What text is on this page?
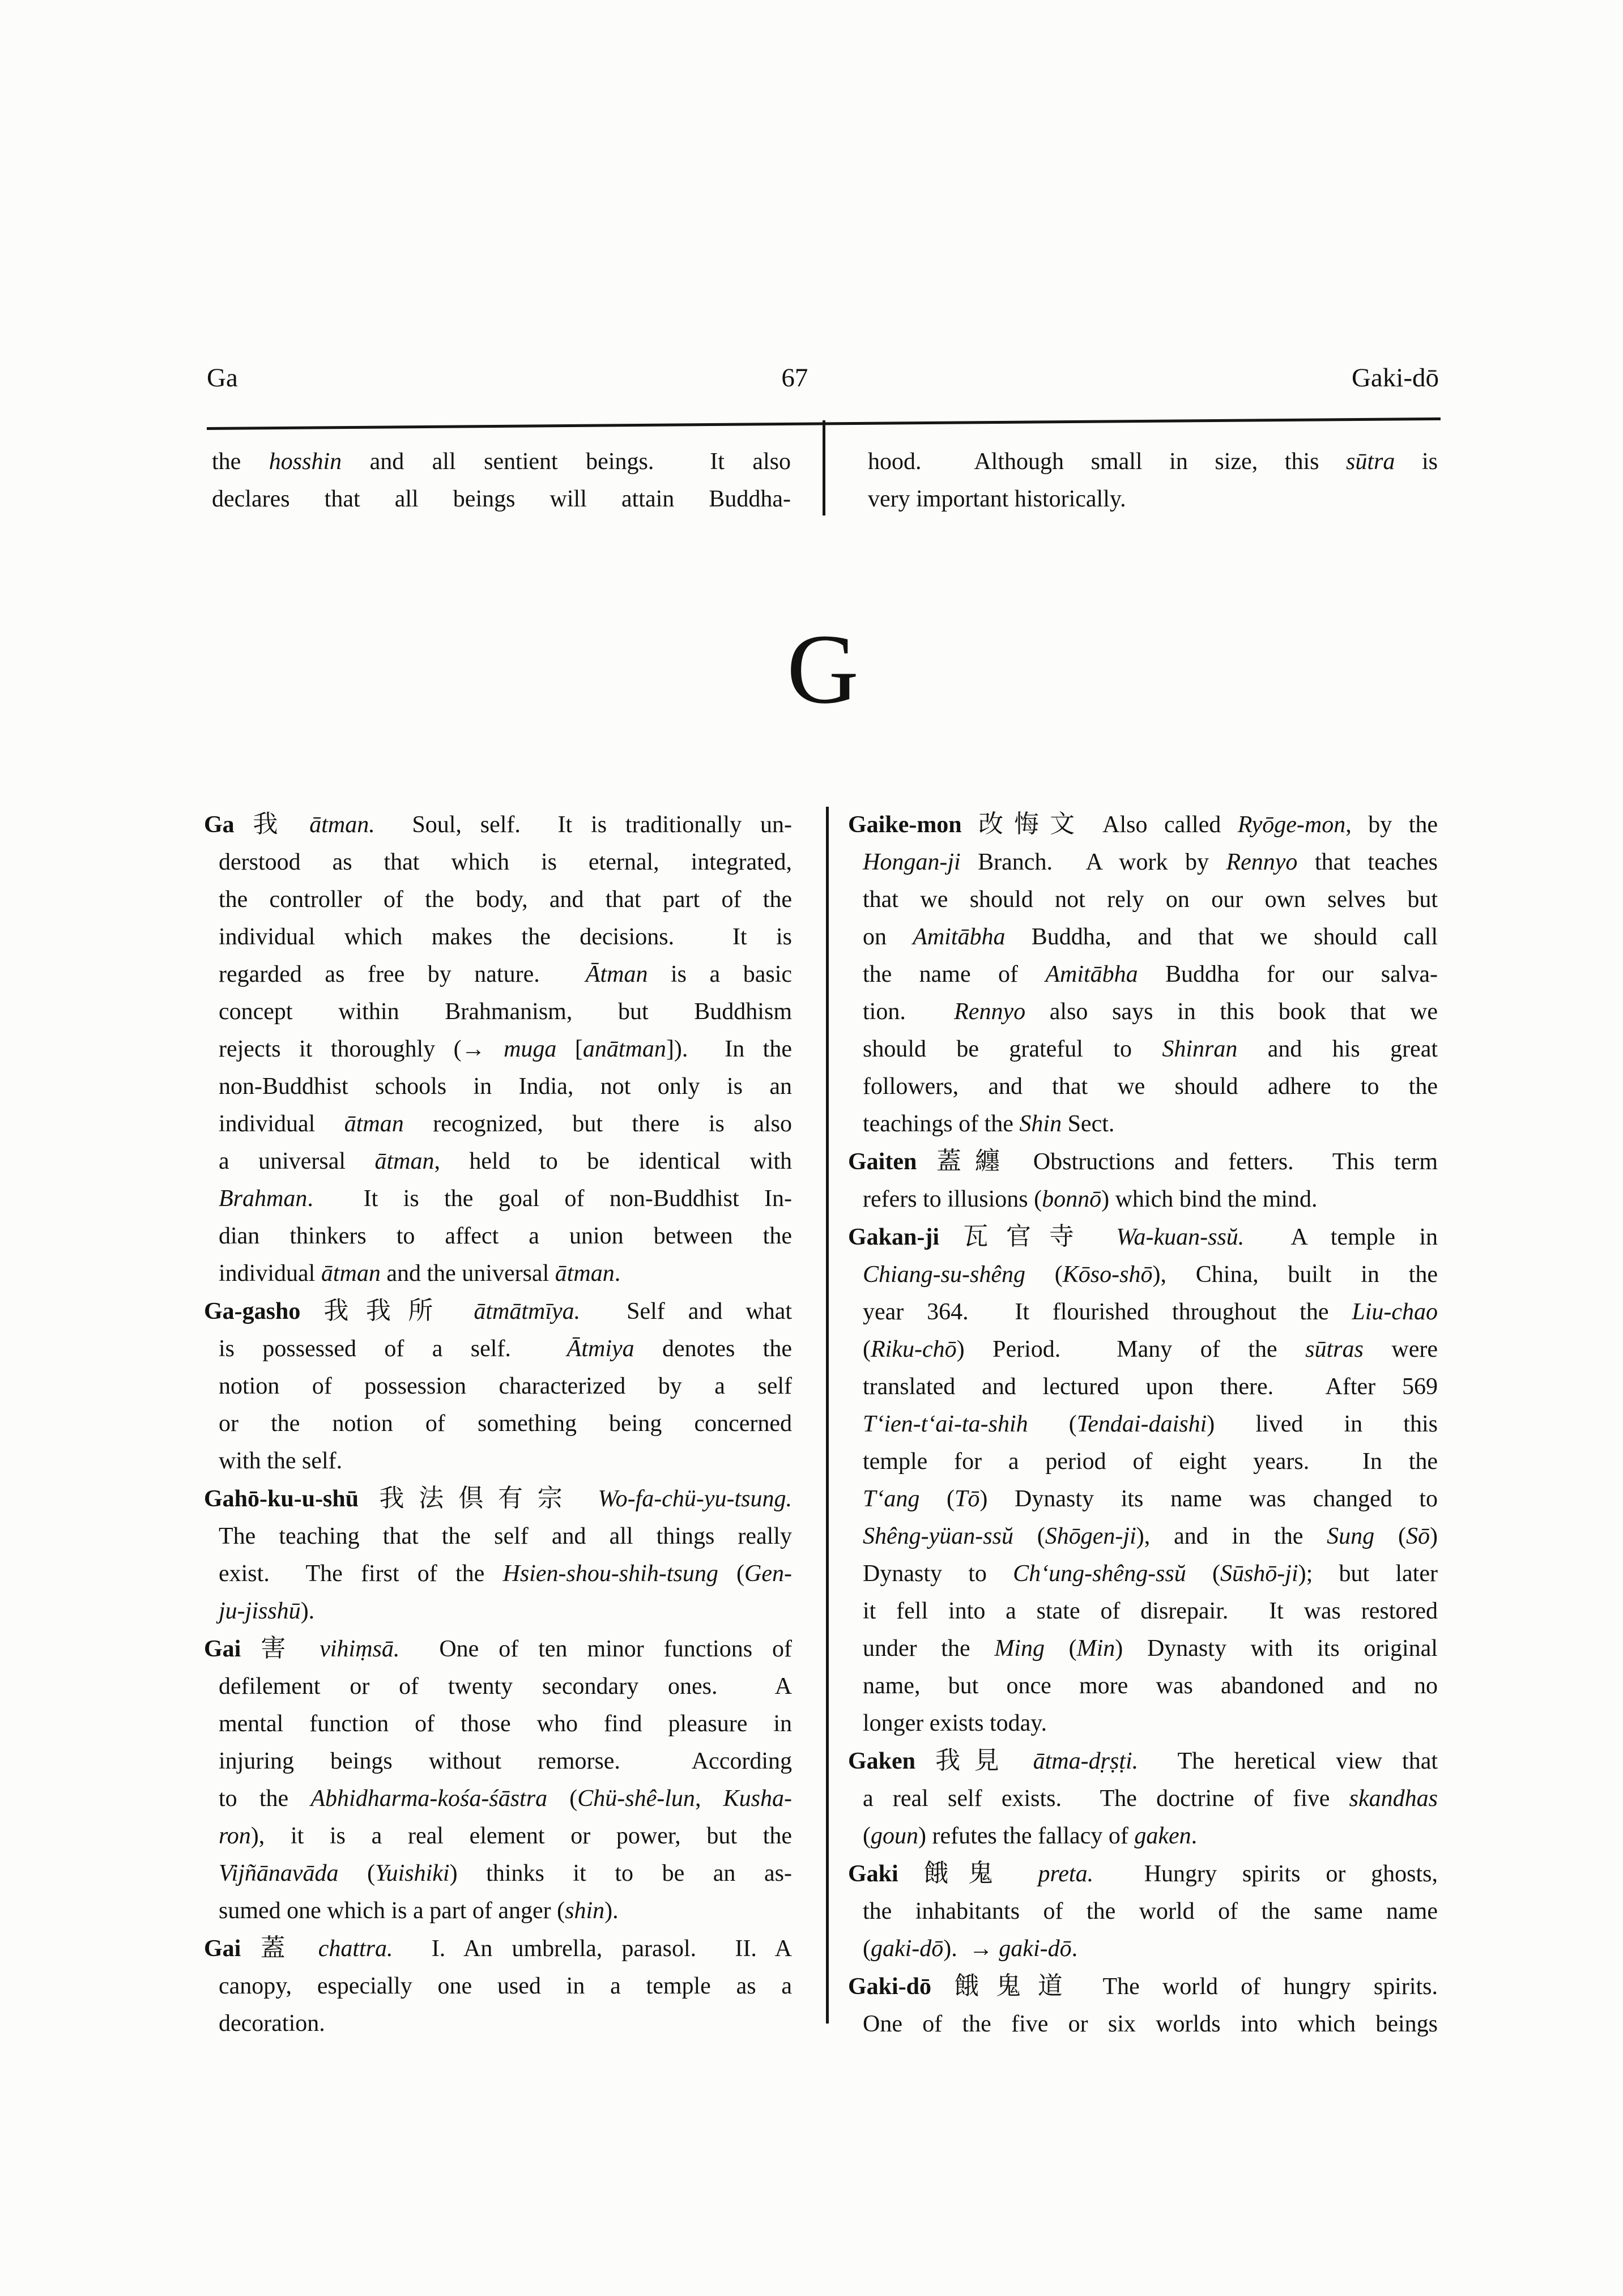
Ga	67	Gaki-dō
the hosshin and all sentient beings.  It also
declares that all beings will attain Buddha-
hood.  Although small in size, this sūtra is
very important historically.
G
Ga 我 ātman.  Soul, self.  It is traditionally un-
derstood as that which is eternal, integrated,
the controller of the body, and that part of the
individual which makes the decisions.  It is
regarded as free by nature.  Ātman is a basic
concept within Brahmanism, but Buddhism
rejects it thoroughly (→ muga [anātman]).  In the
non-Buddhist schools in India, not only is an
individual ātman recognized, but there is also
a universal ātman, held to be identical with
Brahman.  It is the goal of non-Buddhist In-
dian thinkers to affect a union between the
individual ātman and the universal ātman.
Ga-gasho 我我所 ātmātmīya.  Self and what
is possessed of a self.  Ātmiya denotes the
notion of possession characterized by a self
or the notion of something being concerned
with the self.
Gahō-ku-u-shū 我法倶有宗 Wo-fa-chü-yu-tsung.
The teaching that the self and all things really
exist.  The first of the Hsien-shou-shih-tsung (Gen-
ju-jisshū).
Gai 害 vihiṃsā.  One of ten minor functions of
defilement or of twenty secondary ones.  A
mental function of those who find pleasure in
injuring beings without remorse.  According
to the Abhidharma-kośa-śāstra (Chü-shê-lun, Kusha-
ron), it is a real element or power, but the
Vijñānavāda (Yuishiki) thinks it to be an as-
sumed one which is a part of anger (shin).
Gai 蓋 chattra.  I. An umbrella, parasol.  II. A
canopy, especially one used in a temple as a
decoration.
Gaike-mon 改悔文 Also called Ryōge-mon, by the
Hongan-ji Branch.  A work by Rennyo that teaches
that we should not rely on our own selves but
on Amitābha Buddha, and that we should call
the name of Amitābha Buddha for our salva-
tion.  Rennyo also says in this book that we
should be grateful to Shinran and his great
followers, and that we should adhere to the
teachings of the Shin Sect.
Gaiten 蓋纏 Obstructions and fetters.  This term
refers to illusions (bonnō) which bind the mind.
Gakan-ji 瓦官寺 Wa-kuan-ssŭ.  A temple in
Chiang-su-shêng (Kōso-shō), China, built in the
year 364.  It flourished throughout the Liu-chao
(Riku-chō) Period.  Many of the sūtras were
translated and lectured upon there.  After 569
T‘ien-t‘ai-ta-shih (Tendai-daishi) lived in this
temple for a period of eight years.  In the
T‘ang (Tō) Dynasty its name was changed to
Shêng-yüan-ssŭ (Shōgen-ji), and in the Sung (Sō)
Dynasty to Ch‘ung-shêng-ssŭ (Sūshō-ji); but later
it fell into a state of disrepair.  It was restored
under the Ming (Min) Dynasty with its original
name, but once more was abandoned and no
longer exists today.
Gaken 我見 ātma-dṛṣṭi.  The heretical view that
a real self exists.  The doctrine of five skandhas
(goun) refutes the fallacy of gaken.
Gaki 餓鬼 preta.  Hungry spirits or ghosts,
the inhabitants of the world of the same name
(gaki-dō).  → gaki-dō.
Gaki-dō 餓鬼道 The world of hungry spirits.
One of the five or six worlds into which beings
